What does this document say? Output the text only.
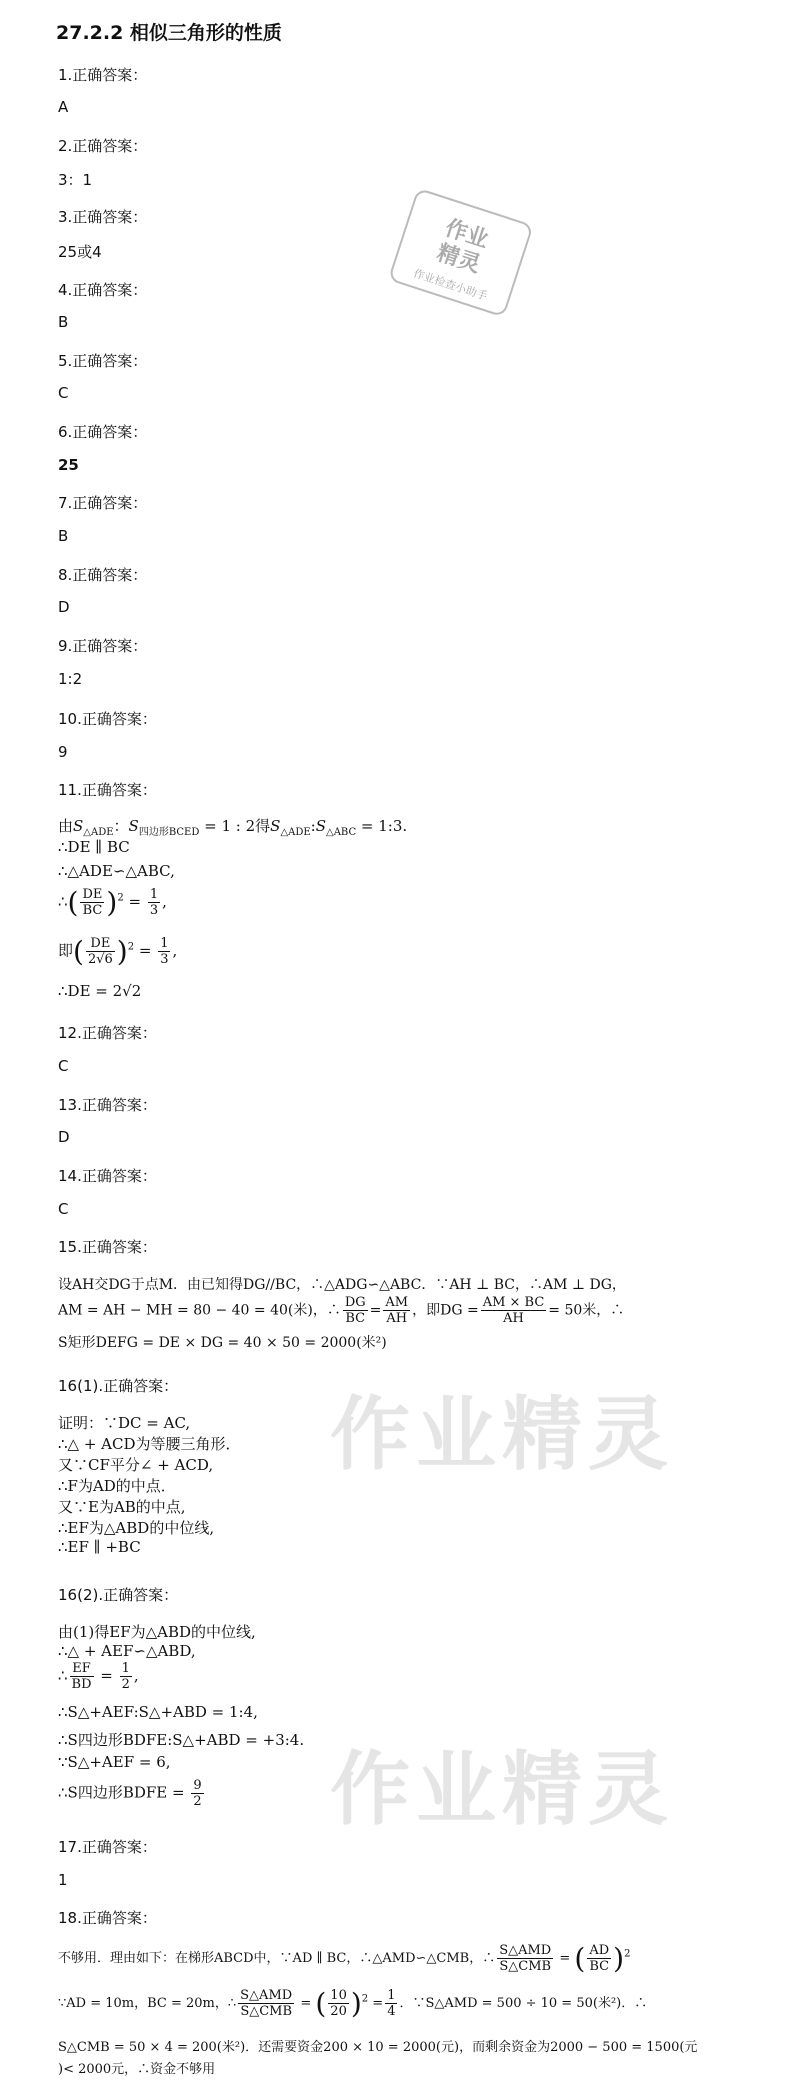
27.2.2 相似三角形的性质
作业
精灵
作业检查小助手
作业精灵
作业精灵
1.正确答案：
A
2.正确答案：
3：1
3.正确答案：
25或4
4.正确答案：
B
5.正确答案：
C
6.正确答案：
25
7.正确答案：
B
8.正确答案：
D
9.正确答案：
1:2
10.正确答案：
9
11.正确答案：
由$S_{\triangle ADE}$：$S_{四边形BCED} = 1$ : 2得$S_{\triangle ADE}:S_{\triangle ABC}$ = 1:3.
∴DE ∥ BC
∴△ADE∽△ABC,
∴( $\frac{DE}{BC} )^2 = \frac{1}{3}$ ,
即( $\frac{DE}{2√6} )^2 = \frac{1}{3}$ ,
∴DE = 2√2
12.正确答案：
C
13.正确答案：
D
14.正确答案：
C
15.正确答案：
设AH交DG于点M．由已知得DG//BC，∴△ADG∽△ABC．∵AH ⊥ BC，∴AM ⊥ DG，
AM = AH − MH = 80 − 40 = 40(米)，∴ $\frac{DG}{BC} = \frac{AM}{AH}$ ，即DG = $\frac{AM \times BC}{AH} = 50$米，∴
S矩形DEFG = DE × DG = 40 × 50 = 2000(米²)
16(1).正确答案：
证明：∵DC = AC,
∴△ + ACD为等腰三角形．
又∵CF平分∠ + ACD,
∴F为AD的中点．
又∵E为AB的中点,
∴EF为△ABD的中位线,
∴EF ∥ +BC
16(2).正确答案：
由(1)得EF为△ABD的中位线,
∴△ + AEF∽△ABD,
∴ $\frac{EF}{BD} = \frac{1}{2}$ ,
∴S△+AEF:S△+ABD = 1:4,
∴S四边形BDFE:S△+ABD = +3:4.
∵S△+AEF = 6,
∴S四边形BDFE = $\frac{9}{2}$
17.正确答案：
1
18.正确答案：
不够用．理由如下：在梯形ABCD中，∵AD ∥ BC，∴△AMD∽△CMB，∴ $\frac{\text{S△AMD}}{\text{S△CMB}}$ = ( $\frac{AD}{BC} )^2$
∵AD = 10m，BC = 20m，∴ $\frac{\text{S△AMD}}{\text{S△CMB}}$ = ( $\frac{10}{20} )^2 = \frac{1}{4}$ ．∵S△AMD = 500 ÷ 10 = 50(米²)．∴
S△CMB = 50 × 4 = 200(米²)．还需要资金200 × 10 = 2000(元)，而剩余资金为2000 − 500 = 1500(元
)< 2000元，∴资金不够用
